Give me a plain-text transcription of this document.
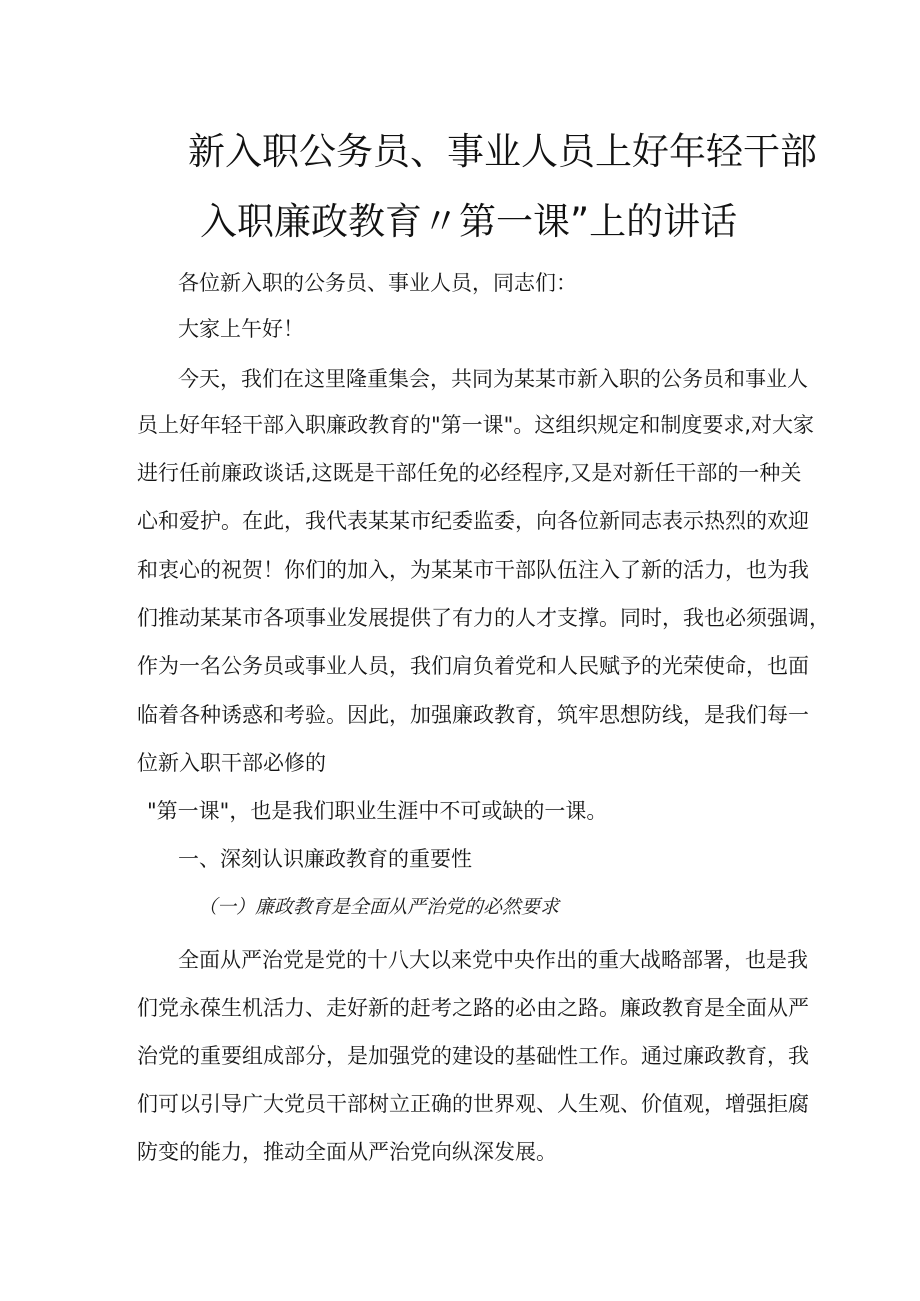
新入职公务员、事业人员上好年轻干部
入职廉政教育〃第一课”上的讲话
各位新入职的公务员、事业人员，同志们：
大家上午好！
今天，我们在这里隆重集会，共同为某某市新入职的公务员和事业人
员上好年轻干部入职廉政教育的"第一课"。这组织规定和制度要求,对大家
进行任前廉政谈话,这既是干部任免的必经程序,又是对新任干部的一种关
心和爱护。在此，我代表某某市纪委监委，向各位新同志表示热烈的欢迎
和衷心的祝贺！你们的加入，为某某市干部队伍注入了新的活力，也为我
们推动某某市各项事业发展提供了有力的人才支撑。同时，我也必须强调，
作为一名公务员或事业人员，我们肩负着党和人民赋予的光荣使命，也面
临着各种诱惑和考验。因此，加强廉政教育，筑牢思想防线，是我们每一
位新入职干部必修的
"第一课"，也是我们职业生涯中不可或缺的一课。
一、深刻认识廉政教育的重要性
（一）廉政教育是全面从严治党的必然要求
全面从严治党是党的十八大以来党中央作出的重大战略部署，也是我
们党永葆生机活力、走好新的赶考之路的必由之路。廉政教育是全面从严
治党的重要组成部分，是加强党的建设的基础性工作。通过廉政教育，我
们可以引导广大党员干部树立正确的世界观、人生观、价值观，增强拒腐
防变的能力，推动全面从严治党向纵深发展。
